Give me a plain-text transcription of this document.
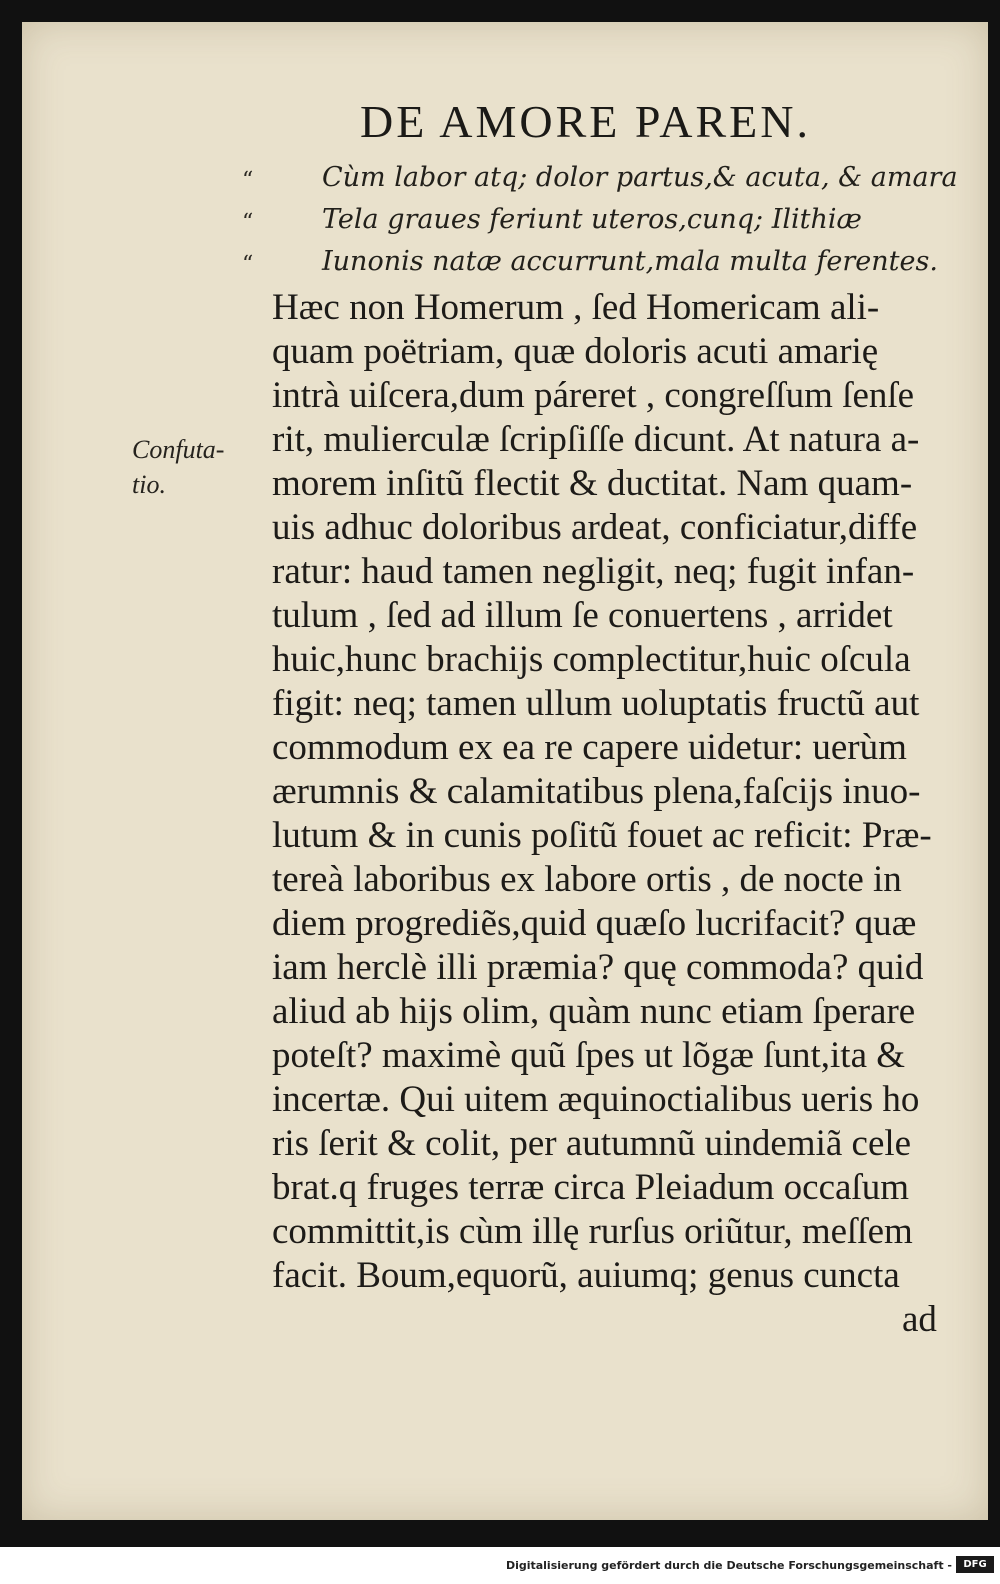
DE AMORE PAREN.
“
“
“
Cùm labor atq; dolor partus,& acuta, & amara
Tela graues feriunt uteros,cunq; Ilithiæ
Iunonis natæ accurrunt,mala multa ferentes.
Confuta-
tio.
Hæc non Homerum , ſed Homericam ali-
quam poëtriam, quæ doloris acuti amarię
intrà uiſcera,dum páreret , congreſſum ſenſe
rit, mulierculæ ſcripſiſſe dicunt. At natura a-
morem inſitũ flectit & ductitat. Nam quam-
uis adhuc doloribus ardeat, conficiatur,diffe
ratur: haud tamen negligit, neq; fugit infan-
tulum , ſed ad illum ſe conuertens , arridet
huic,hunc brachijs complectitur,huic oſcula
figit: neq; tamen ullum uoluptatis fructũ aut
commodum ex ea re capere uidetur: uerùm
ærumnis & calamitatibus plena,faſcijs inuo-
lutum & in cunis poſitũ fouet ac reficit: Præ-
tereà laboribus ex labore ortis , de nocte in
diem progrediẽs,quid quæſo lucrifacit? quæ
iam herclè illi præmia? quę commoda? quid
aliud ab hijs olim, quàm nunc etiam ſperare
poteſt? maximè quũ ſpes ut lõgæ ſunt,ita &
incertæ. Qui uitem æquinoctialibus ueris ho
ris ſerit & colit, per autumnũ uindemiã cele
brat.q fruges terræ circa Pleiadum occaſum
committit,is cùm illę rurſus oriũtur, meſſem
facit. Boum,equorũ, auiumq; genus cuncta
ad
Digitalisierung gefördert durch die Deutsche Forschungsgemeinschaft -	DFG
